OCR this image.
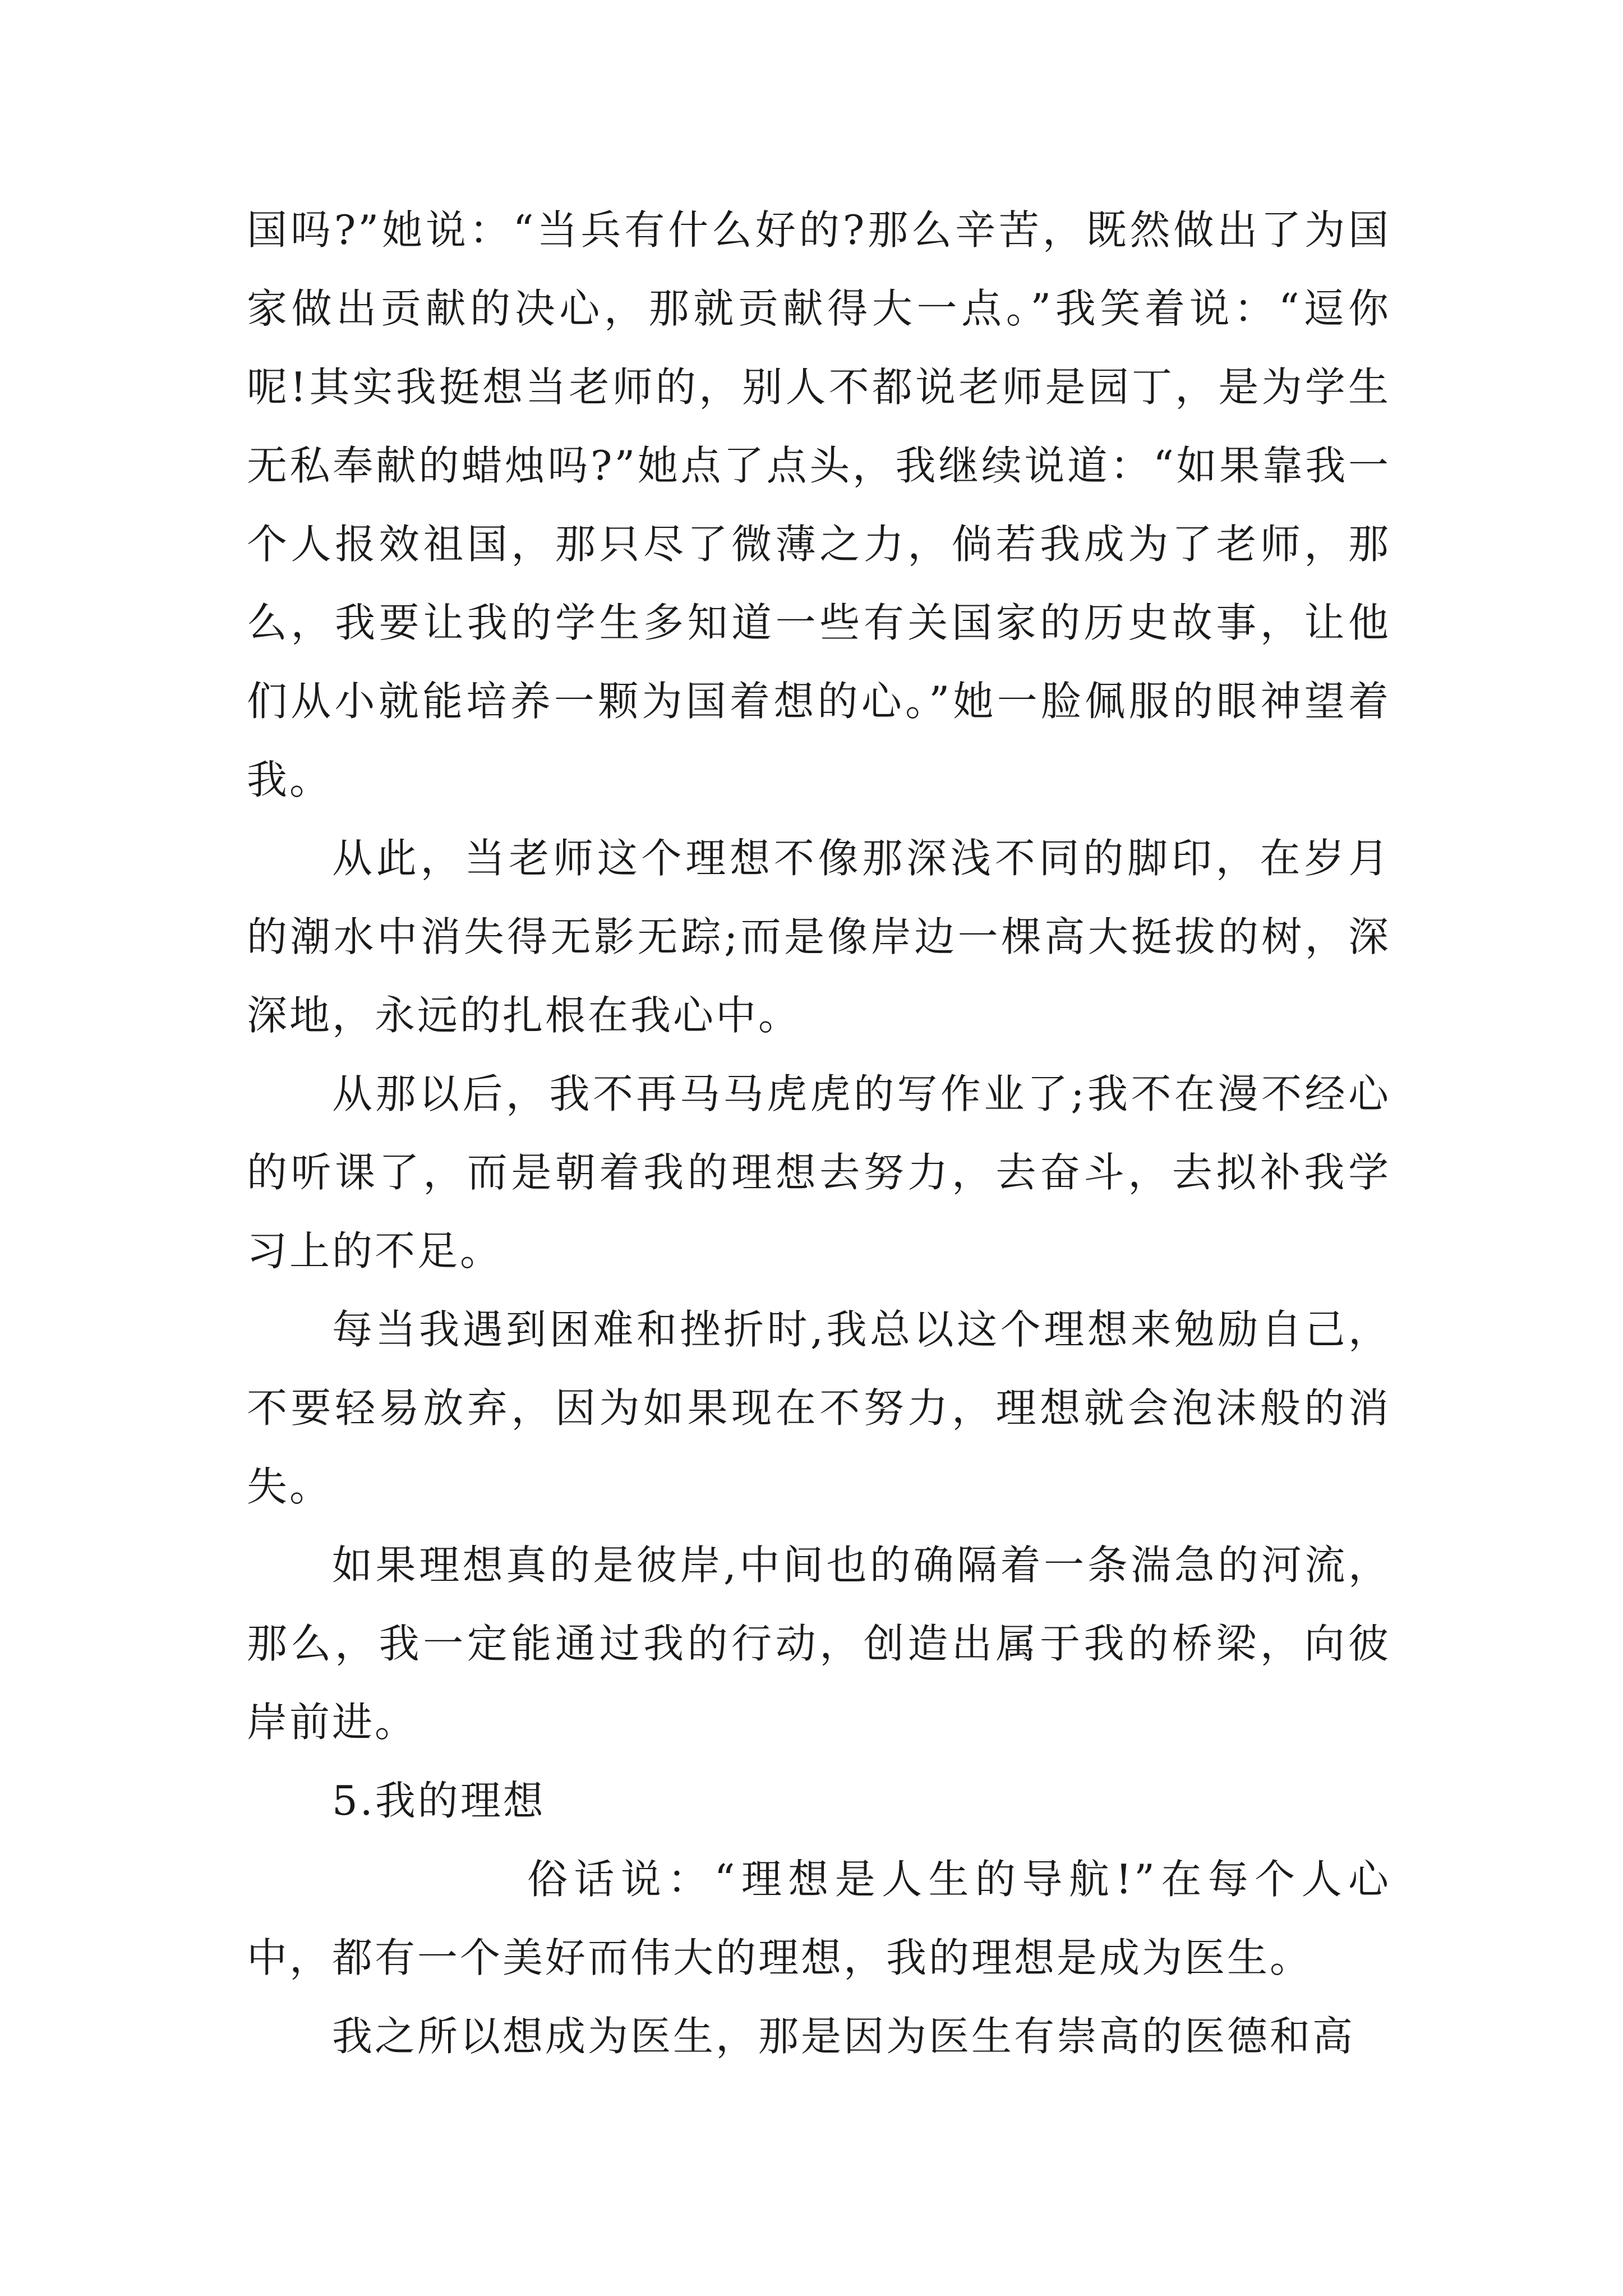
国吗?”她说：“当兵有什么好的?那么辛苦，既然做出了为国家做出贡献的决心，那就贡献得大一点。”我笑着说：“逗你呢!其实我挺想当老师的，别人不都说老师是园丁，是为学生无私奉献的蜡烛吗?”她点了点头，我继续说道：“如果靠我一个人报效祖国，那只尽了微薄之力，倘若我成为了老师，那么，我要让我的学生多知道一些有关国家的历史故事，让他们从小就能培养一颗为国着想的心。”她一脸佩服的眼神望着我。

从此，当老师这个理想不像那深浅不同的脚印，在岁月的潮水中消失得无影无踪;而是像岸边一棵高大挺拔的树，深深地，永远的扎根在我心中。

从那以后，我不再马马虎虎的写作业了;我不在漫不经心的听课了，而是朝着我的理想去努力，去奋斗，去拟补我学习上的不足。

每当我遇到困难和挫折时,我总以这个理想来勉励自己，不要轻易放弃，因为如果现在不努力，理想就会泡沫般的消失。

如果理想真的是彼岸,中间也的确隔着一条湍急的河流，那么，我一定能通过我的行动，创造出属于我的桥梁，向彼岸前进。

5.我的理想

俗话说：“理想是人生的导航!”在每个人心中，都有一个美好而伟大的理想，我的理想是成为医生。

我之所以想成为医生，那是因为医生有崇高的医德和高
